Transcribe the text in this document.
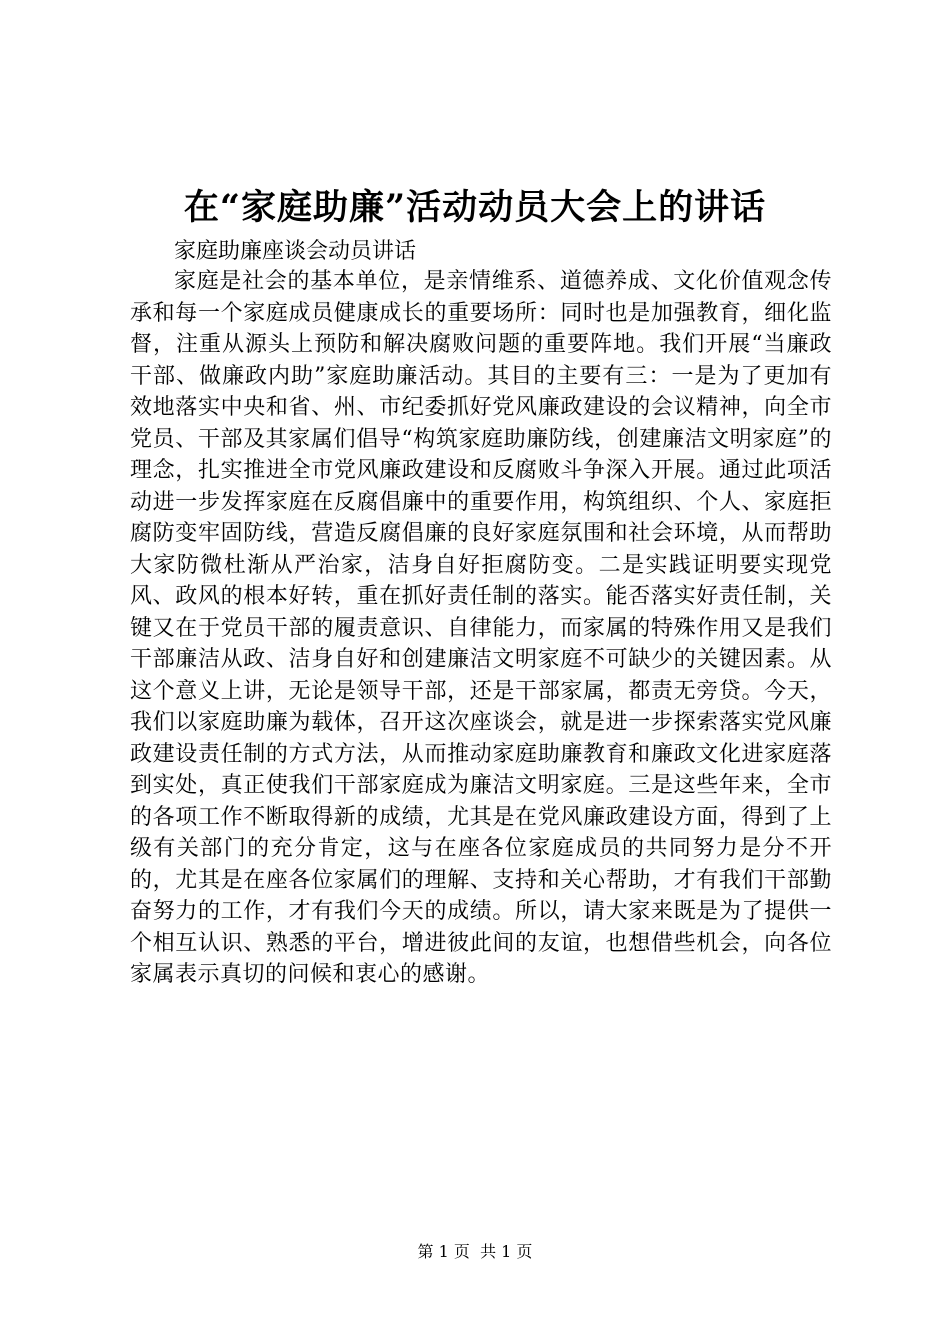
在“家庭助廉”活动动员大会上的讲话

家庭助廉座谈会动员讲话

家庭是社会的基本单位，是亲情维系、道德养成、文化价值观念传承和每一个家庭成员健康成长的重要场所：同时也是加强教育，细化监督，注重从源头上预防和解决腐败问题的重要阵地。我们开展“当廉政干部、做廉政内助”家庭助廉活动。其目的主要有三：一是为了更加有效地落实中央和省、州、市纪委抓好党风廉政建设的会议精神，向全市党员、干部及其家属们倡导“构筑家庭助廉防线，创建廉洁文明家庭”的理念，扎实推进全市党风廉政建设和反腐败斗争深入开展。通过此项活动进一步发挥家庭在反腐倡廉中的重要作用，构筑组织、个人、家庭拒腐防变牢固防线，营造反腐倡廉的良好家庭氛围和社会环境，从而帮助大家防微杜渐从严治家，洁身自好拒腐防变。二是实践证明要实现党风、政风的根本好转，重在抓好责任制的落实。能否落实好责任制，关键又在于党员干部的履责意识、自律能力，而家属的特殊作用又是我们干部廉洁从政、洁身自好和创建廉洁文明家庭不可缺少的关键因素。从这个意义上讲，无论是领导干部，还是干部家属，都责无旁贷。今天，我们以家庭助廉为载体，召开这次座谈会，就是进一步探索落实党风廉政建设责任制的方式方法，从而推动家庭助廉教育和廉政文化进家庭落到实处，真正使我们干部家庭成为廉洁文明家庭。三是这些年来，全市的各项工作不断取得新的成绩，尤其是在党风廉政建设方面，得到了上级有关部门的充分肯定，这与在座各位家庭成员的共同努力是分不开的，尤其是在座各位家属们的理解、支持和关心帮助，才有我们干部勤奋努力的工作，才有我们今天的成绩。所以，请大家来既是为了提供一个相互认识、熟悉的平台，增进彼此间的友谊，也想借些机会，向各位家属表示真切的问候和衷心的感谢。

第 1 页  共 1 页
